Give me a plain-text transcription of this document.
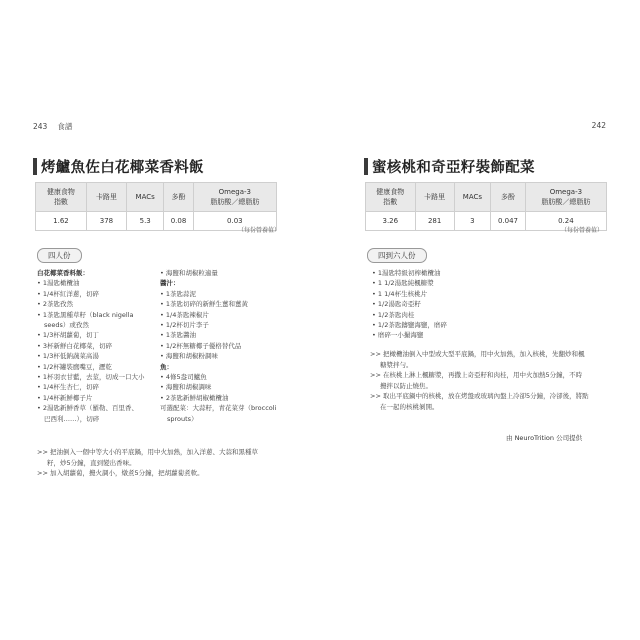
243 食譜
烤鱸魚佐白花椰菜香料飯
健康食物
指數	卡路里	MACs	多酚	Omega-3
脂肪酸／總脂肪
1.62	378	5.3	0.08	0.03
（每份營養值）
四人份
白花椰菜香料飯：
• 1湯匙橄欖油
• 1/4杯紅洋蔥，切碎
• 2茶匙孜然
• 1茶匙黑種草籽（black nigella
seeds）或孜然
• 1/3杯胡蘿蔔，切丁
• 3杯新鮮白花椰菜，切碎
• 1/3杯低鈉蔬菜高湯
• 1/2杯罐裝鷹嘴豆，瀝乾
• 1杯羽衣甘藍，去莖，切成一口大小
• 1/4杯生杏仁，切碎
• 1/4杯新鮮椰子片
• 2湯匙新鮮香草（羅勒、百里香、
巴西利……），切碎
• 海鹽和胡椒粒適量
醬汁：
• 1茶匙蒜泥
• 1茶匙切碎的新鮮生薑和薑黃
• 1/4茶匙辣椒片
• 1/2杯切片李子
• 1茶匙醬油
• 1/2杯無糖椰子優格替代品
• 海鹽和胡椒粉調味
魚：
• 4條5盎司鱸魚
• 海鹽和胡椒調味
• 2茶匙新鮮胡椒橄欖油
可選配菜：大蒜籽，青花菜芽（broccoli
sprouts）
>> 把油倒入一個中等大小的平底鍋，用中火加熱，加入洋蔥、大蒜和黑種草
籽，炒5分鐘，直到變出香味。
>> 加入胡蘿蔔，攪火調小，燉煮5分鐘，把胡蘿蔔煮軟。
242
蜜核桃和奇亞籽裝飾配菜
健康食物
指數	卡路里	MACs	多酚	Omega-3
脂肪酸／總脂肪
3.26	281	3	0.047	0.24
四到六人份
• 1湯匙特級初榨橄欖油
• 1 1/2湯匙純楓糖漿
• 1 1/4杯生核桃片
• 1/2湯匙奇亞籽
• 1/2茶匙肉桂
• 1/2茶匙鑄鹽海鹽，磨碎
• 磨碎一小撮海鹽
>> 把橄欖油倒入中型或大型平底鍋，用中火加熱，加入核桃，先翻炒和楓
糖漿拌勻。
>> 在核桃上淋上楓糖漿，再撒上奇亞籽和肉桂，用中火加熱5分鐘，不時
攪拌以防止燒焦。
>> 取出平底鍋中的核桃，放在烤盤或玻璃內盤上冷卻5分鐘，冷卻後，將點
在一起的核桃剝開。
（每份營養值）
由 NeuroTrition 公司提供
